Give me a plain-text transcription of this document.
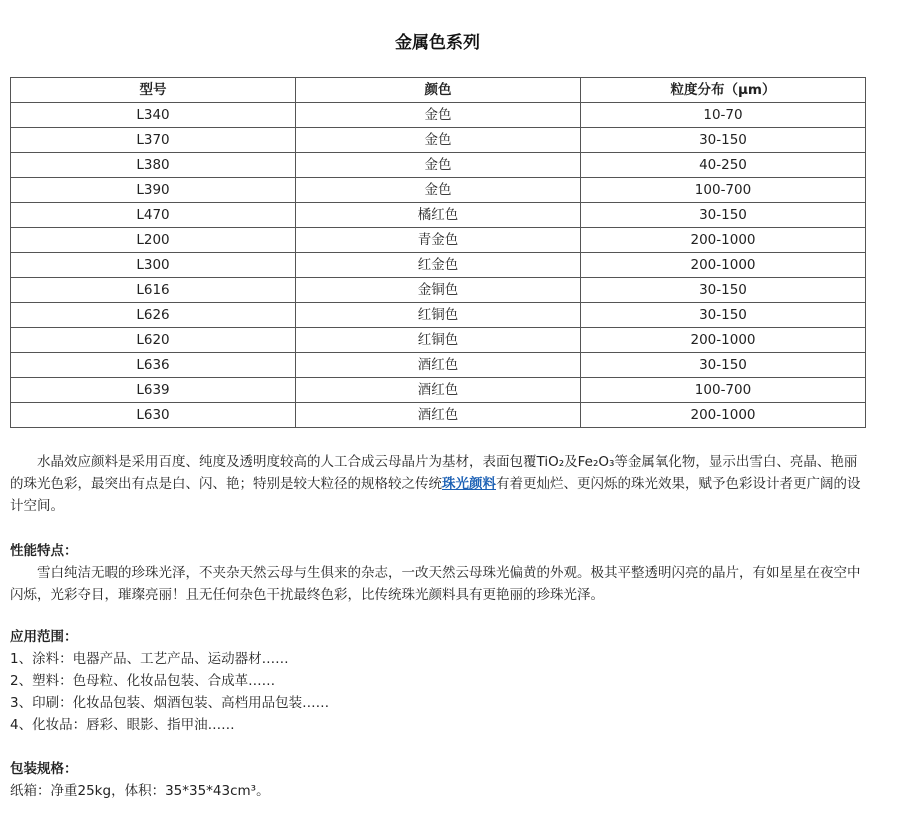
金属色系列
型号	颜色	粒度分布（μm）
L340	金色	10-70
L370	金色	30-150
L380	金色	40-250
L390	金色	100-700
L470	橘红色	30-150
L200	青金色	200-1000
L300	红金色	200-1000
L616	金铜色	30-150
L626	红铜色	30-150
L620	红铜色	200-1000
L636	酒红色	30-150
L639	酒红色	100-700
L630	酒红色	200-1000
水晶效应颜料是采用百度、纯度及透明度较高的人工合成云母晶片为基材，表面包覆TiO₂及Fe₂O₃等金属氧化物，显示出雪白、亮晶、艳丽的珠光色彩，最突出有点是白、闪、艳；特别是较大粒径的规格较之传统珠光颜料有着更灿烂、更闪烁的珠光效果，赋予色彩设计者更广阔的设计空间。
性能特点：
雪白纯洁无暇的珍珠光泽，不夹杂天然云母与生俱来的杂志，一改天然云母珠光偏黄的外观。极其平整透明闪亮的晶片，有如星星在夜空中闪烁，光彩夺目，璀璨亮丽！且无任何杂色干扰最终色彩，比传统珠光颜料具有更艳丽的珍珠光泽。
应用范围：
1、涂料：电器产品、工艺产品、运动器材……
2、塑料：色母粒、化妆品包装、合成革……
3、印刷：化妆品包装、烟酒包装、高档用品包装……
4、化妆品：唇彩、眼影、指甲油……
包装规格：
纸箱：净重25kg，体积：35*35*43cm³。
